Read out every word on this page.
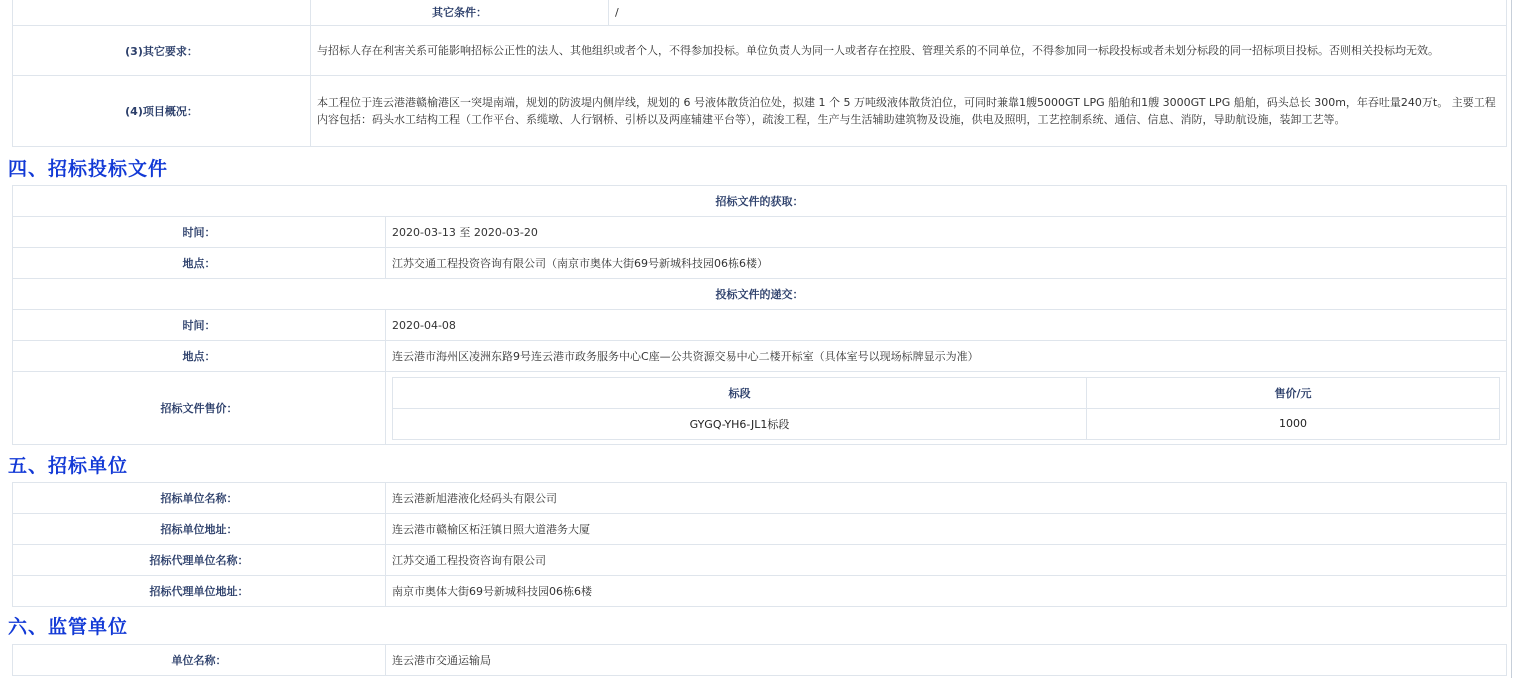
	其它条件：	/
(3)其它要求：	与招标人存在利害关系可能影响招标公正性的法人、其他组织或者个人，不得参加投标。单位负责人为同一人或者存在控股、管理关系的不同单位，不得参加同一标段投标或者未划分标段的同一招标项目投标。否则相关投标均无效。	
(4)项目概况：	本工程位于连云港港赣榆港区一突堤南端，规划的防波堤内侧岸线，规划的 6 号液体散货泊位处，拟建 1 个 5 万吨级液体散货泊位，可同时兼靠1艘5000GT LPG 船舶和1艘 3000GT LPG 船舶，码头总长 300m，年吞吐量240万t。 主要工程内容包括：码头水工结构工程（工作平台、系缆墩、人行钢桥、引桥以及两座辅建平台等），疏浚工程，生产与生活辅助建筑物及设施，供电及照明，工艺控制系统、通信、信息、消防，导助航设施，装卸工艺等。	
四、招标投标文件
招标文件的获取：
时间：	2020-03-13 至 2020-03-20
地点：	江苏交通工程投资咨询有限公司（南京市奥体大街69号新城科技园06栋6楼）
投标文件的递交：
时间：	2020-04-08
地点：	连云港市海州区凌洲东路9号连云港市政务服务中心C座—公共资源交易中心二楼开标室（具体室号以现场标牌显示为准）
招标文件售价：	
标段	售价/元
GYGQ-YH6-JL1标段	1000
五、招标单位
招标单位名称：	连云港新旭港液化烃码头有限公司
招标单位地址：	连云港市赣榆区柘汪镇日照大道港务大厦
招标代理单位名称：	江苏交通工程投资咨询有限公司
招标代理单位地址：	南京市奥体大街69号新城科技园06栋6楼
六、监管单位
单位名称：	连云港市交通运输局
